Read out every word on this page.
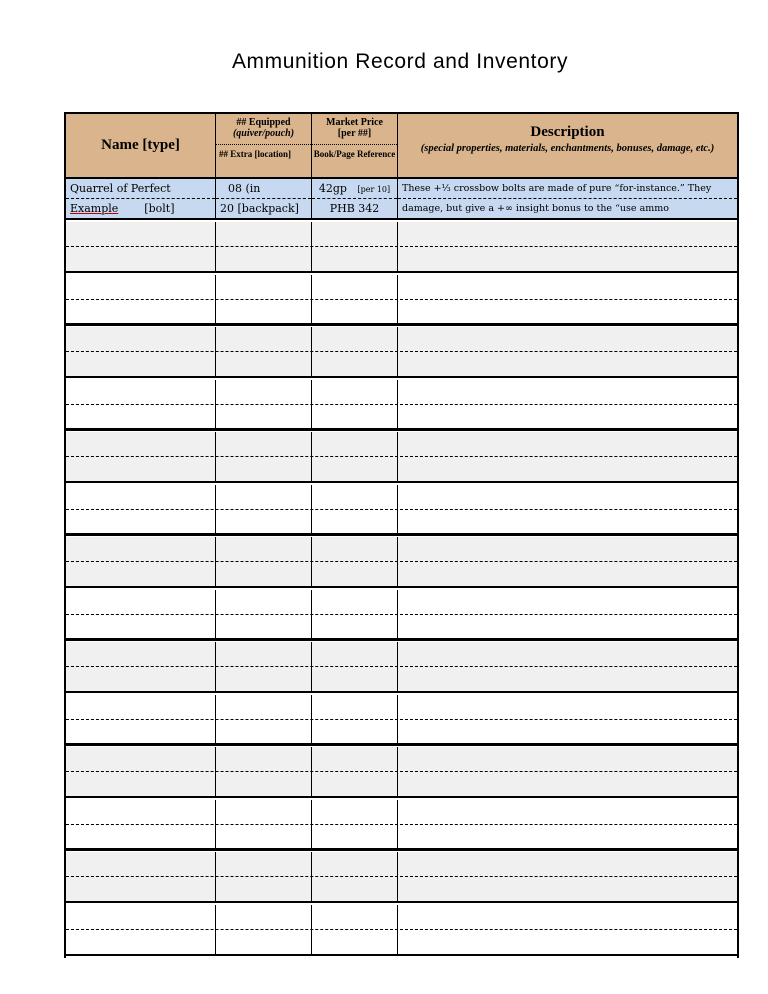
Ammunition Record and Inventory
Name [type]
## Equipped
(quiver/pouch)
## Extra [location]
Market Price
[per ##]
Book/Page Reference
Description
(special properties, materials, enchantments, bonuses, damage, etc.)
Quarrel of Perfect
Example [bolt]
08 (in
20 [backpack]
42gp [per 10]
PHB 342
These +⅓ crossbow bolts are made of pure “for-instance.” They
damage, but give a +∞ insight bonus to the “use ammo
